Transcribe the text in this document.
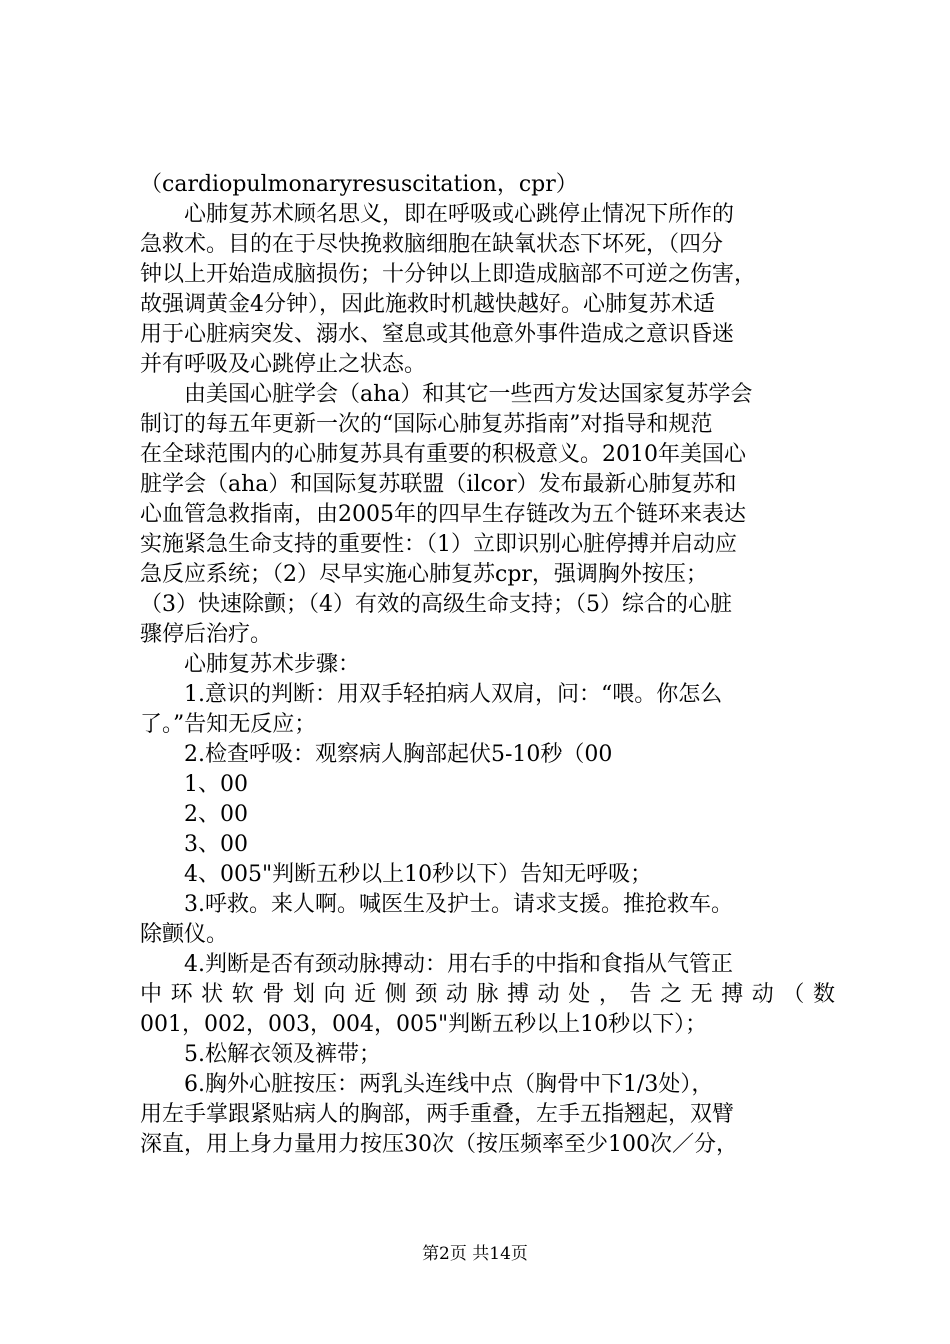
（cardiopulmonaryresuscitation，cpr）
心肺复苏术顾名思义，即在呼吸或心跳停止情况下所作的
急救术。目的在于尽快挽救脑细胞在缺氧状态下坏死，（四分
钟以上开始造成脑损伤；十分钟以上即造成脑部不可逆之伤害，
故强调黄金4分钟），因此施救时机越快越好。心肺复苏术适
用于心脏病突发、溺水、窒息或其他意外事件造成之意识昏迷
并有呼吸及心跳停止之状态。
由美国心脏学会（aha）和其它一些西方发达国家复苏学会
制订的每五年更新一次的“国际心肺复苏指南”对指导和规范
在全球范围内的心肺复苏具有重要的积极意义。2010年美国心
脏学会（aha）和国际复苏联盟（ilcor）发布最新心肺复苏和
心血管急救指南，由2005年的四早生存链改为五个链环来表达
实施紧急生命支持的重要性：（1）立即识别心脏停搏并启动应
急反应系统；（2）尽早实施心肺复苏cpr，强调胸外按压；
（3）快速除颤；（4）有效的高级生命支持；（5）综合的心脏
骤停后治疗。
心肺复苏术步骤：
1.意识的判断：用双手轻拍病人双肩，问：“喂。你怎么
了。”告知无反应；
2.检查呼吸：观察病人胸部起伏5-10秒（00
1、00
2、00
3、00
4、005"判断五秒以上10秒以下）告知无呼吸；
3.呼救。来人啊。喊医生及护士。请求支援。推抢救车。
除颤仪。
4.判断是否有颈动脉搏动：用右手的中指和食指从气管正
中环状软骨划向近侧颈动脉搏动处，告之无搏动（数
001，002，003，004，005"判断五秒以上10秒以下）；
5.松解衣领及裤带；
6.胸外心脏按压：两乳头连线中点（胸骨中下1/3处），
用左手掌跟紧贴病人的胸部，两手重叠，左手五指翘起，双臂
深直，用上身力量用力按压30次（按压频率至少100次／分，
第2页 共14页
